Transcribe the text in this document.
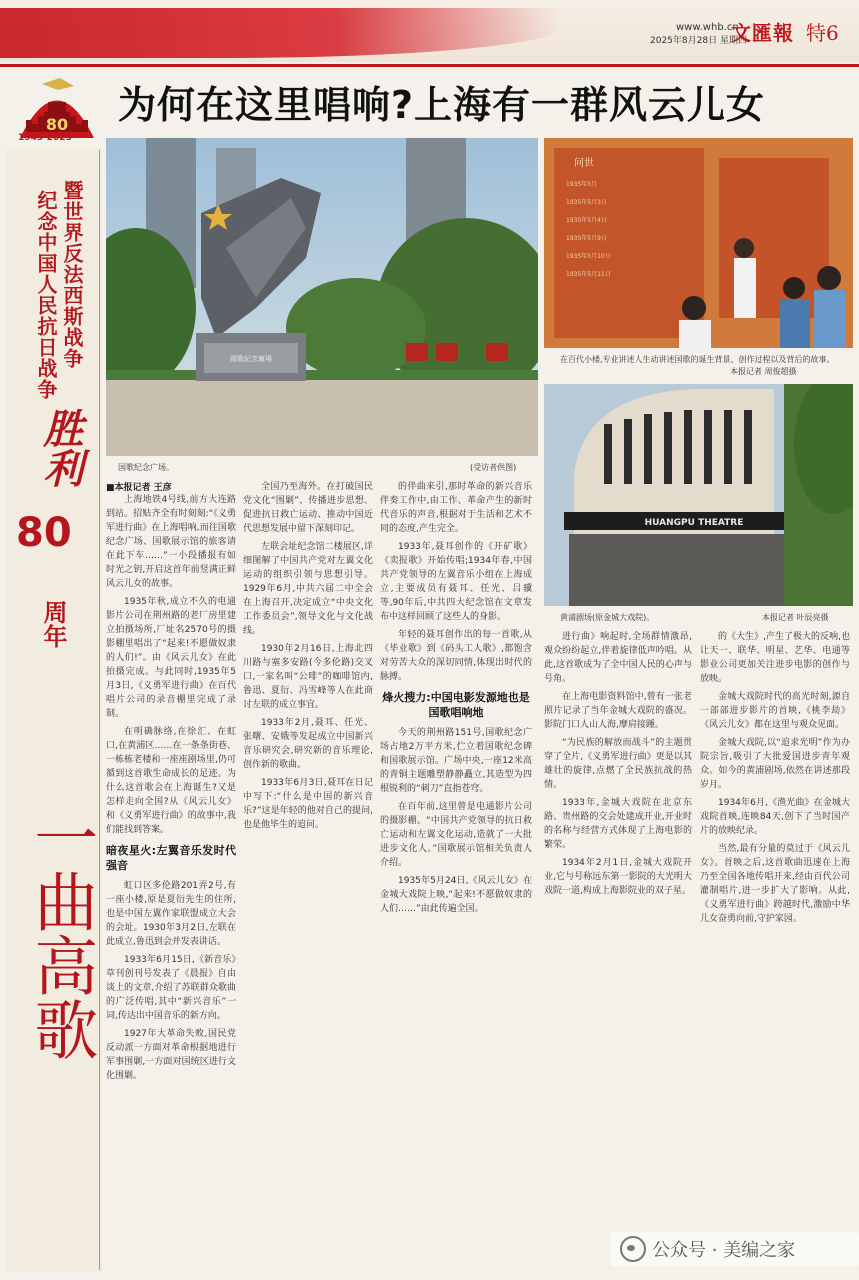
www.whb.cn
2025年8月28日 星期四
文匯報 特6
80
1945-2025
为何在这里唱响?上海有一群风云儿女
暨世界反法西斯战争
纪念中国人民抗日战争
胜利
80
周年
一曲高歌
國歌紀念廣場
国歌纪念广场。	(受访者供图)
问世
1935年5月
1935年5月3日
1935年5月4日
1935年5月9日
1935年5月10日
1935年5月11日
在百代小楼,专业讲述人生动讲述国歌的诞生背景、创作过程以及背后的故事。
本报记者 周俊超摄
HUANGPU THEATRE
黄浦剧场(原金城大戏院)。	本报记者 叶辰亮摄
■本报记者 王彦

上海地铁4号线,前方大连路到站。招贴齐全有时刻刻:“《义勇军进行曲》在上海唱响,而往国歌纪念广场、国歌展示馆的旅客请在此下车……”一小段播报有如时光之钥,开启这首年前竖满正鲜风云儿女的故事。

1935年秋,成立不久的电通影片公司在荆州路的老厂房里建立拍摄场所,厂址名2570号的摄影棚里唱出了“起来!不愿做奴隶的人们!”。由《风云儿女》在此拍摄完成。与此同时,1935年5月3日,《义勇军进行曲》在百代唱片公司的录音棚里完成了录制。

在明确脉络,在徐汇、在虹口,在黄浦区……在一条条街巷、一栋栋老楼和一座座剧场里,仍可循到这首歌生命成长的足迹。为什么这首歌会在上海诞生?又是怎样走向全国?从《风云儿女》和《义勇军进行曲》的故事中,我们能找到答案。

暗夜星火:左翼音乐发时代强音

虹口区多伦路201弄2号,有一座小楼,原是夏衍先生的住所,也是中国左翼作家联盟成立大会的会址。1930年3月2日,左联在此成立,鲁迅到会并发表讲话。

1933年6月15日,《新音乐》草刊创刊号发表了《晨报》自由谈上的文章,介绍了苏联群众歌曲的广泛传唱,其中“新兴音乐”一词,传达出中国音乐的新方向。

1927年大革命失败,国民党反动派一方面对革命根据地进行军事围剿,一方面对国统区进行文化围剿。

全国乃至海外。在打破国民党文化“围剿”、传播进步思想、促进抗日救亡运动、推动中国近代思想发展中留下深刻印记。

左联会址纪念馆二楼展区,详细图解了中国共产党对左翼文化运动的组织引领与思想引导。1929年6月,中共六届二中全会在上海召开,决定成立“中央文化工作委员会”,领导文化与文化战线。

1930年2月16日,上海北四川路与塞多安路(今多伦路)交叉口,一家名叫“公啡”的咖啡馆内,鲁迅、夏衍、冯雪峰等人在此商讨左联的成立事宜。

1933年2月,聂耳、任光、张曙、安娥等发起成立中国新兴音乐研究会,研究新的音乐理论,创作新的歌曲。

1933年6月3日,聂耳在日记中写下:“什么是中国的新兴音乐?”这是年轻的他对自己的提问,也是他毕生的追问。

的伴曲来引,那时革命的新兴音乐伴奏工作中,由工作、革命产生的新时代音乐的声音,根据对于生活和艺术不同的态度,产生完全。

1933年,聂耳创作的《开矿歌》《卖报歌》开始传唱;1934年春,中国共产党领导的左翼音乐小组在上海成立,主要成员有聂耳、任光、吕骥等,90年后,中共四大纪念馆在文章发布中这样回顾了这些人的身影。

年轻的聂耳创作出的每一首歌,从《毕业歌》到《码头工人歌》,都饱含对劳苦大众的深切同情,体现出时代的脉搏。

烽火搜力:中国电影发源地也是国歌唱响地

今天的荆州路151号,国歌纪念广场占地2万平方米,伫立着国歌纪念碑和国歌展示馆。广场中央,一座12米高的青铜主题雕塑静静矗立,其造型为四根锐利的“刺刀”直指苍穹。

在百年前,这里曾是电通影片公司的摄影棚。“中国共产党领导的抗日救亡运动和左翼文化运动,造就了一大批进步文化人。”国歌展示馆相关负责人介绍。

1935年5月24日,《风云儿女》在金城大戏院上映,“起来!不愿做奴隶的人们……”由此传遍全国。

进行曲》响起时,全场群情激昂,观众纷纷起立,伴着旋律低声吟唱。从此,这首歌成为了全中国人民的心声与号角。

在上海电影资料馆中,曾有一张老照片记录了当年金城大戏院的盛况。影院门口人山人海,摩肩接踵。

“为民族的解放而战斗”的主题贯穿了全片,《义勇军进行曲》更是以其雄壮的旋律,点燃了全民族抗战的热情。

1933年,金城大戏院在北京东路、贵州路的交会处建成开业,开业时的名称与经营方式体现了上海电影的繁荣。

1934年2月1日,金城大戏院开业,它与号称远东第一影院的大光明大戏院一道,构成上海影院业的双子星。

的《大生》,产生了极大的反响,也让天一、联华、明星、艺华、电通等影业公司更加关注进步电影的创作与放映。

金城大戏院时代的高光时刻,源自一部部进步影片的首映,《桃李劫》《风云儿女》都在这里与观众见面。

金城大戏院,以“追求光明”作为办院宗旨,吸引了大批爱国进步青年观众。如今的黄浦剧场,依然在讲述那段岁月。

1934年6月,《渔光曲》在金城大戏院首映,连映84天,创下了当时国产片的放映纪录。

当然,最有分量的莫过于《风云儿女》。首映之后,这首歌曲迅速在上海乃至全国各地传唱开来,经由百代公司灌制唱片,进一步扩大了影响。从此,《义勇军进行曲》跨越时代,激励中华儿女奋勇向前,守护家园。

公众号 · 美编之家
